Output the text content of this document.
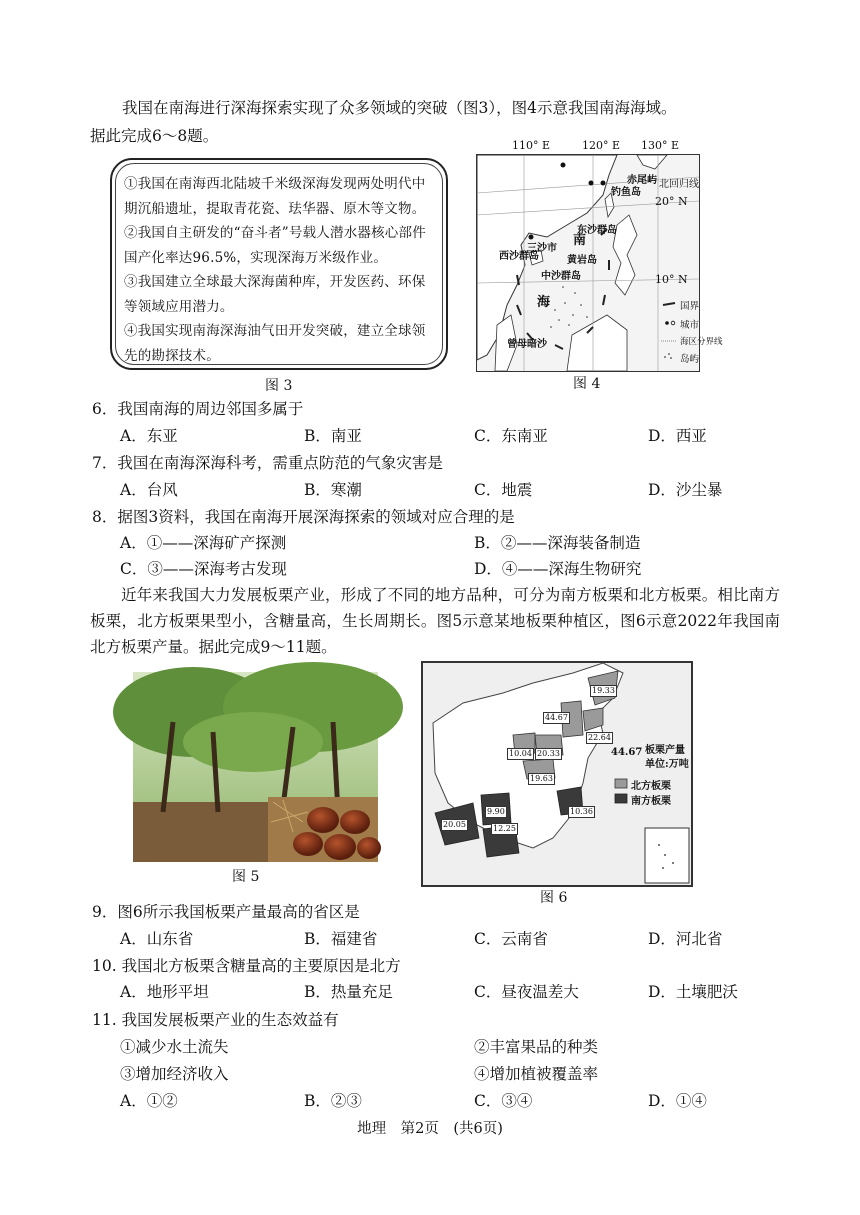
我国在南海进行深海探索实现了众多领域的突破（图3），图4示意我国南海海域。
据此完成6～8题。

①我国在南海西北陆坡千米级深海发现两处明代中期沉船遗址，提取青花瓷、珐华器、原木等文物。

②我国自主研发的“奋斗者”号载人潜水器核心部件国产化率达96.5%，实现深海万米级作业。

③我国建立全球最大深海菌种库，开发医药、环保等领域应用潜力。

④我国实现南海深海油气田开发突破，建立全球领先的勘探技术。

图 3
110° E	120° E 130° E
赤尾屿
钓鱼岛
北回归线
20° N
东沙群岛
三沙市
南
西沙群岛	黄岩岛
中沙群岛	10° N
海
曾母暗沙
国界
城市
海区分界线
岛屿
图 4
6．我国南海的周边邻国多属于
A．东亚	B．南亚	C．东南亚	D．西亚
7．我国在南海深海科考，需重点防范的气象灾害是
A．台风	B．寒潮	C．地震	D．沙尘暴
8．据图3资料，我国在南海开展深海探索的领域对应合理的是
A．①——深海矿产探测	B．②——深海装备制造
C．③——深海考古发现	D．④——深海生物研究
近年来我国大力发展板栗产业，形成了不同的地方品种，可分为南方板栗和北方板栗。相比南方板栗，北方板栗果型小，含糖量高，生长周期长。图5示意某地板栗种植区，图6示意2022年我国南北方板栗产量。据此完成9～11题。
图 5
19.33
44.67
22.64
10.04 20.33
19.63
10.36
9.90
20.05	12.25
44.67 板栗产量
单位:万吨
北方板栗
南方板栗
图 6
9．图6所示我国板栗产量最高的省区是
A．山东省	B．福建省	C．云南省	D．河北省
10. 我国北方板栗含糖量高的主要原因是北方
A．地形平坦	B．热量充足	C．昼夜温差大	D．土壤肥沃
11. 我国发展板栗产业的生态效益有
①减少水土流失	②丰富果品的种类
③增加经济收入	④增加植被覆盖率
A．①②	B．②③	C．③④	D．①④
地理　第2页　(共6页)
